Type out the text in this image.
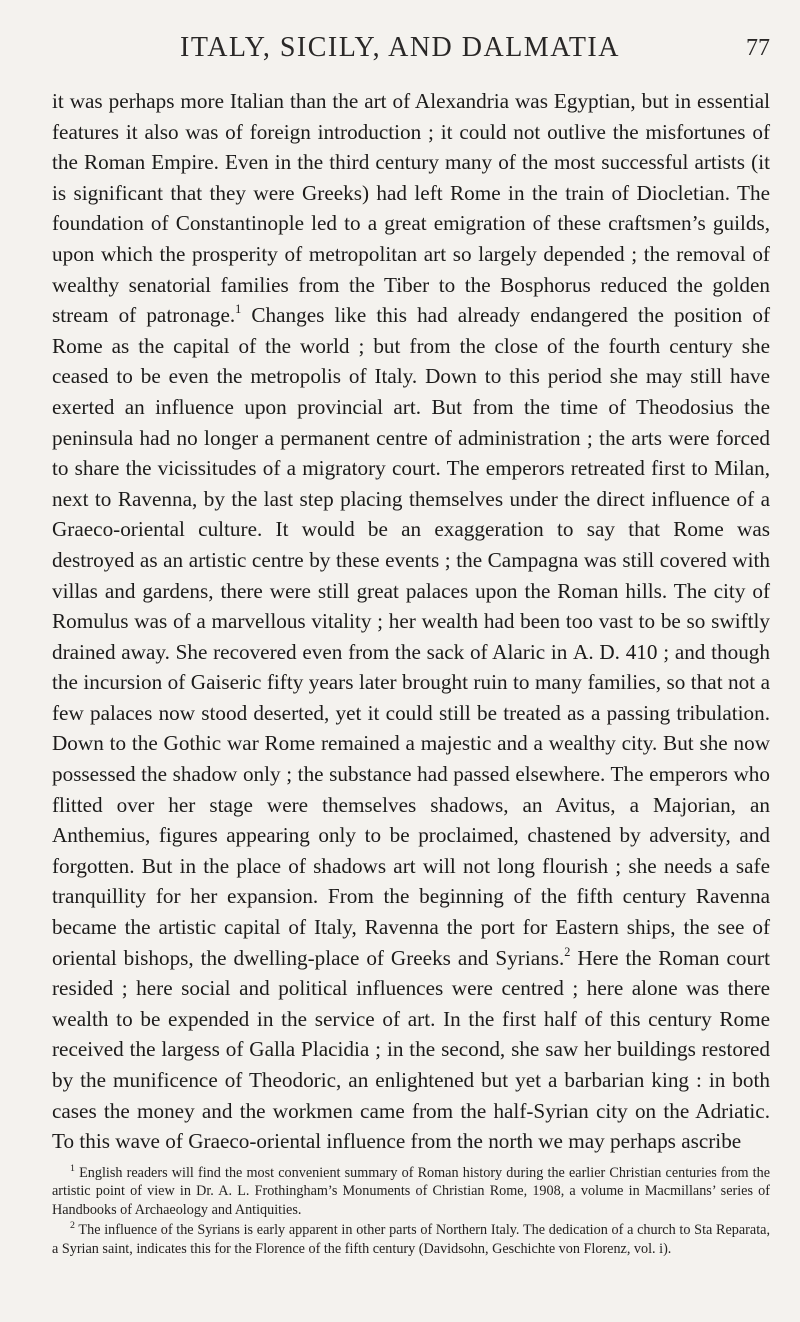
ITALY, SICILY, AND DALMATIA	77

it was perhaps more Italian than the art of Alexandria was Egyptian, but in essential features it also was of foreign introduction ; it could not outlive the misfortunes of the Roman Empire. Even in the third century many of the most successful artists (it is significant that they were Greeks) had left Rome in the train of Diocletian. The foundation of Constantinople led to a great emigration of these craftsmen’s guilds, upon which the prosperity of metropolitan art so largely depended ; the removal of wealthy senatorial families from the Tiber to the Bosphorus reduced the golden stream of patronage.$^1$ Changes like this had already endangered the position of Rome as the capital of the world ; but from the close of the fourth century she ceased to be even the metropolis of Italy. Down to this period she may still have exerted an influence upon provincial art. But from the time of Theodosius the peninsula had no longer a permanent centre of administration ; the arts were forced to share the vicissitudes of a migratory court. The emperors retreated first to Milan, next to Ravenna, by the last step placing themselves under the direct influence of a Graeco-oriental culture. It would be an exaggeration to say that Rome was destroyed as an artistic centre by these events ; the Campagna was still covered with villas and gardens, there were still great palaces upon the Roman hills. The city of Romulus was of a marvellous vitality ; her wealth had been too vast to be so swiftly drained away. She recovered even from the sack of Alaric in A. D. 410 ; and though the incursion of Gaiseric fifty years later brought ruin to many families, so that not a few palaces now stood deserted, yet it could still be treated as a passing tribulation. Down to the Gothic war Rome remained a majestic and a wealthy city. But she now possessed the shadow only ; the substance had passed elsewhere. The emperors who flitted over her stage were themselves shadows, an Avitus, a Majorian, an Anthemius, figures appearing only to be proclaimed, chastened by adversity, and forgotten. But in the place of shadows art will not long flourish ; she needs a safe tranquillity for her expansion. From the beginning of the fifth century Ravenna became the artistic capital of Italy, Ravenna the port for Eastern ships, the see of oriental bishops, the dwelling-place of Greeks and Syrians.$^2$ Here the Roman court resided ; here social and political influences were centred ; here alone was there wealth to be expended in the service of art. In the first half of this century Rome received the largess of Galla Placidia ; in the second, she saw her buildings restored by the munificence of Theodoric, an enlightened but yet a barbarian king : in both cases the money and the workmen came from the half-Syrian city on the Adriatic. To this wave of Graeco-oriental influence from the north we may perhaps ascribe

$^1$ English readers will find the most convenient summary of Roman history during the earlier Christian centuries from the artistic point of view in Dr. A. L. Frothingham’s Monuments of Christian Rome, 1908, a volume in Macmillans’ series of Handbooks of Archaeology and Antiquities.

$^2$ The influence of the Syrians is early apparent in other parts of Northern Italy. The dedication of a church to Sta Reparata, a Syrian saint, indicates this for the Florence of the fifth century (Davidsohn, Geschichte von Florenz, vol. i).
